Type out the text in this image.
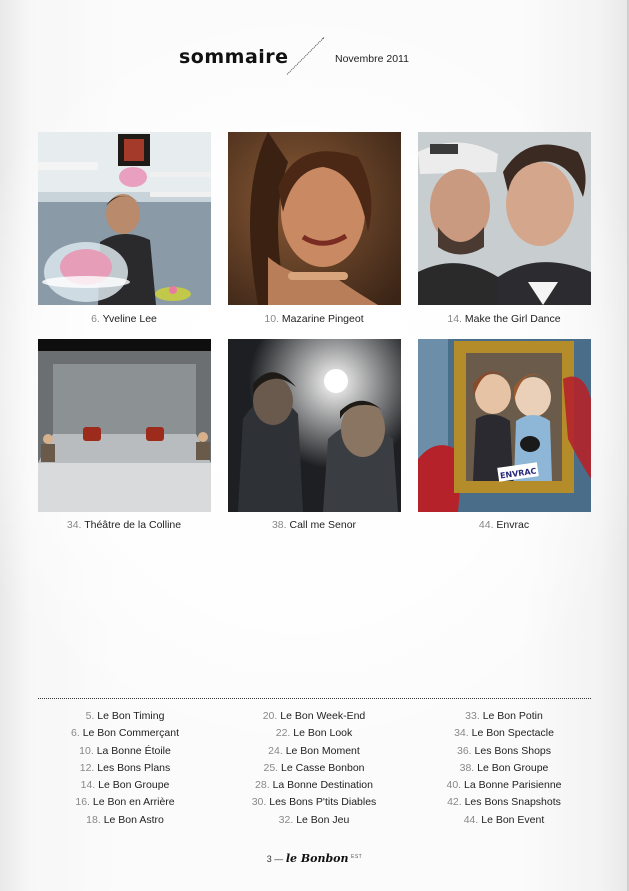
sommaire	Novembre 2011
6. Yveline Lee	10. Mazarine Pingeot	14. Make the Girl Dance
ENVRAC
34. Théâtre de la Colline	38. Call me Senor	44. Envrac
5. Le Bon Timing
6. Le Bon Commerçant
10. La Bonne Étoile
12. Les Bons Plans
14. Le Bon Groupe
16. Le Bon en Arrière
18. Le Bon Astro
20. Le Bon Week-End
22. Le Bon Look
24. Le Bon Moment
25. Le Casse Bonbon
28. La Bonne Destination
30. Les Bons P'tits Diables
32. Le Bon Jeu
33. Le Bon Potin
34. Le Bon Spectacle
36. Les Bons Shops
38. Le Bon Groupe
40. La Bonne Parisienne
42. Les Bons Snapshots
44. Le Bon Event
3 — le Bonbon $^{EST}$
